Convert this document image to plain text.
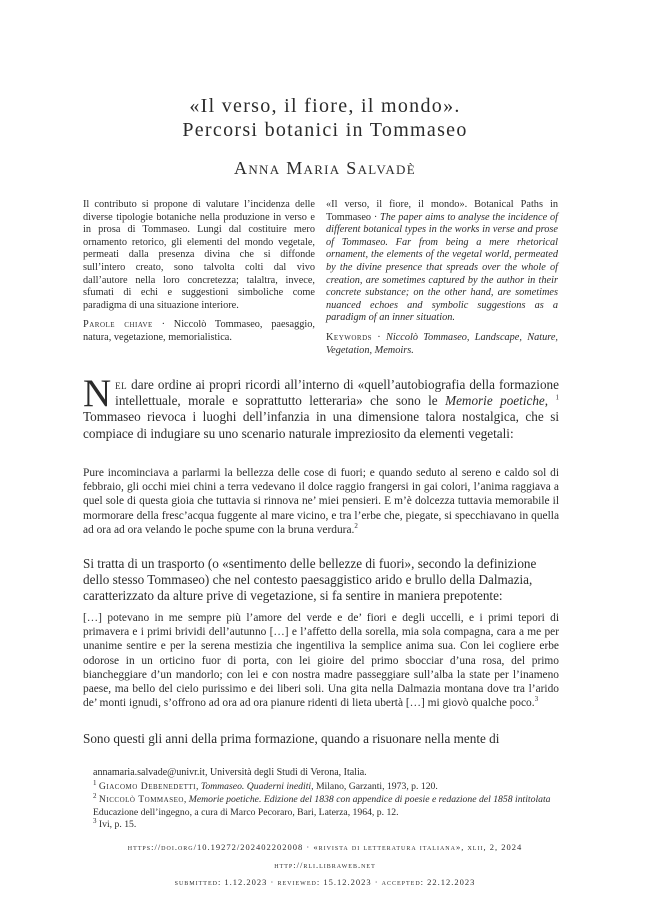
«Il verso, il fiore, il mondo».
Percorsi botanici in Tommaseo
Anna Maria Salvadè

Il contributo si propone di valutare l’incidenza delle diverse tipologie botaniche nella produzione in verso e in prosa di Tommaseo. Lungi dal costituire mero ornamento retorico, gli elementi del mondo vegetale, permeati dalla presenza divina che si diffonde sull’intero creato, sono talvolta colti dal vivo dall’autore nella loro concretezza; talaltra, invece, sfumati di echi e suggestioni simboliche come paradigma di una situazione interiore.

Parole chiave · Niccolò Tommaseo, paesaggio, natura, vegetazione, memorialistica.

«Il verso, il fiore, il mondo». Botanical Paths in Tommaseo · The paper aims to analyse the incidence of different botanical types in the works in verse and prose of Tommaseo. Far from being a mere rhetorical ornament, the elements of the vegetal world, permeated by the divine presence that spreads over the whole of creation, are sometimes captured by the author in their concrete substance; on the other hand, are sometimes nuanced echoes and symbolic suggestions as a paradigm of an inner situation.

Keywords · Niccolò Tommaseo, Landscape, Nature, Vegetation, Memoirs.

Nel dare ordine ai propri ricordi all’interno di «quell’autobiografia della formazione intellettuale, morale e soprattutto letteraria» che sono le Memorie poetiche, $^1$ Tommaseo rievoca i luoghi dell’infanzia in una dimensione talora nostalgica, che si compiace di indugiare su uno scenario naturale impreziosito da elementi vegetali:

Pure incominciava a parlarmi la bellezza delle cose di fuori; e quando seduto al sereno e caldo sol di febbraio, gli occhi miei chini a terra vedevano il dolce raggio frangersi in gai colori, l’anima raggiava a quel sole di questa gioia che tuttavia si rinnova ne’ miei pensieri. E m’è dolcezza tuttavia memorabile il mormorare della fresc’acqua fuggente al mare vicino, e tra l’erbe che, piegate, si specchiavano in quella ad ora ad ora velando le poche spume con la bruna verdura.$^2$

Si tratta di un trasporto (o «sentimento delle bellezze di fuori», secondo la definizione dello stesso Tommaseo) che nel contesto paesaggistico arido e brullo della Dalmazia, caratterizzato da alture prive di vegetazione, si fa sentire in maniera prepotente:

[…] potevano in me sempre più l’amore del verde e de’ fiori e degli uccelli, e i primi tepori di primavera e i primi brividi dell’autunno […] e l’affetto della sorella, mia sola compagna, cara a me per unanime sentire e per la serena mestizia che ingentiliva la semplice anima sua. Con lei cogliere erbe odorose in un orticino fuor di porta, con lei gioire del primo sbocciar d’una rosa, del primo biancheggiare d’un mandorlo; con lei e con nostra madre passeggiare sull’alba la state per l’inameno paese, ma bello del cielo purissimo e dei liberi soli. Una gita nella Dalmazia montana dove tra l’arido de’ monti ignudi, s’offrono ad ora ad ora pianure ridenti di lieta ubertà […] mi giovò qualche poco.$^3$

Sono questi gli anni della prima formazione, quando a risuonare nella mente di

annamaria.salvade@univr.it, Università degli Studi di Verona, Italia.
$^1$ Giacomo Debenedetti, Tommaseo. Quaderni inediti, Milano, Garzanti, 1973, p. 120.
$^2$ Niccolò Tommaseo, Memorie poetiche. Edizione del 1838 con appendice di poesie e redazione del 1858 intitolata Educazione dell’ingegno, a cura di Marco Pecoraro, Bari, Laterza, 1964, p. 12.
$^3$ Ivi, p. 15.
https://doi.org/10.19272/202402202008 · «rivista di letteratura italiana», xlii, 2, 2024
http://rli.libraweb.net
submitted: 1.12.2023 · reviewed: 15.12.2023 · accepted: 22.12.2023
